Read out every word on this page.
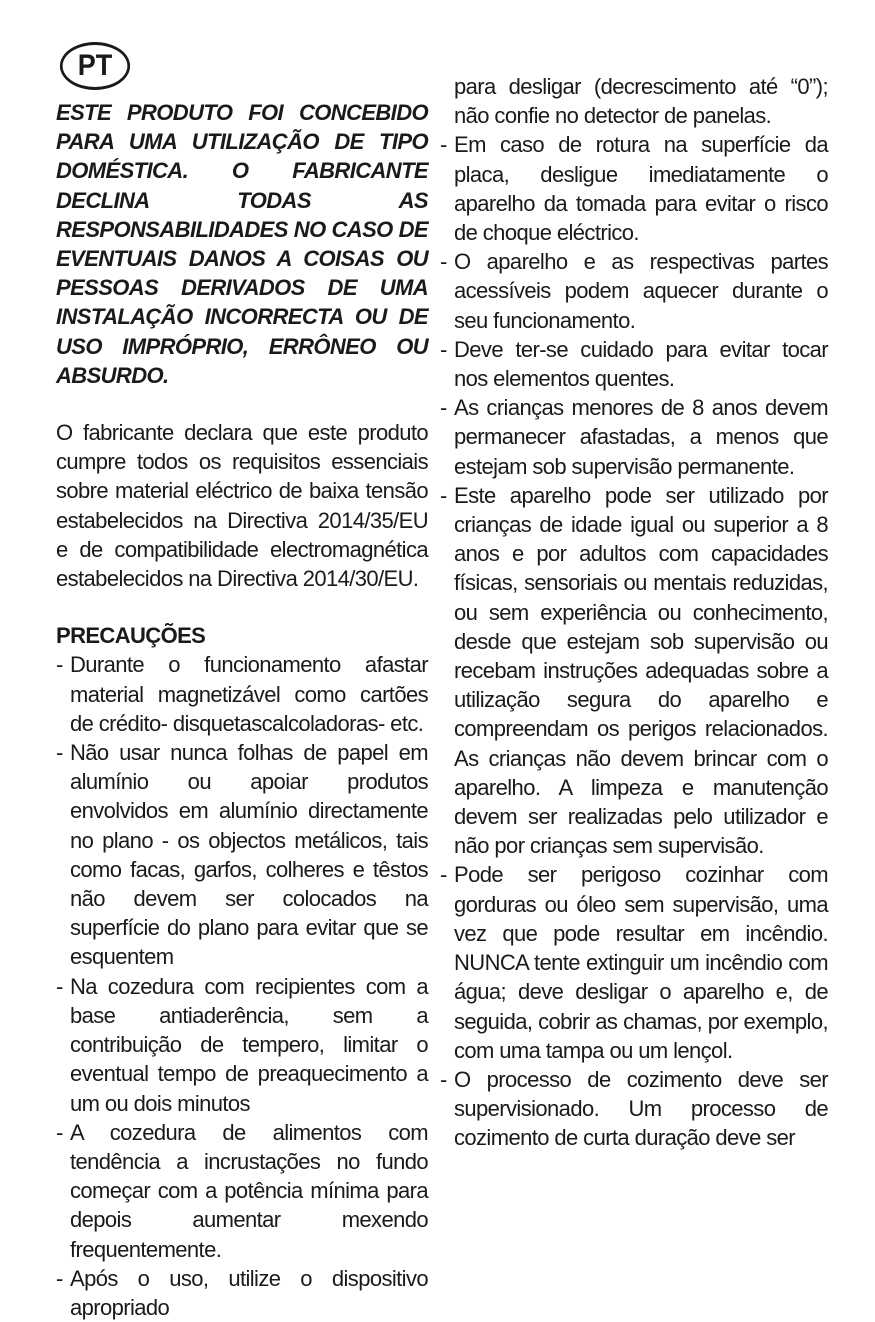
PT

ESTE PRODUTO FOI CONCEBIDO PARA UMA UTILIZAÇÃO DE TIPO DOMÉSTICA. O FABRICANTE DECLINA TODAS AS RESPONSABILIDADES NO CASO DE EVENTUAIS DANOS A COISAS OU PESSOAS DERIVADOS DE UMA INSTALAÇÃO INCORRECTA OU DE USO IMPRÓPRIO, ERRÔNEO OU ABSURDO.

O fabricante declara que este produto cumpre todos os requisitos essenciais sobre material eléctrico de baixa tensão estabelecidos na Directiva 2014/35/EU e de compatibilidade electromagnética estabelecidos na Directiva 2014/30/EU.

PRECAUÇÕES
- Durante o funcionamento afastar material magnetizável como cartões de crédito- disquetascalcoladoras- etc.
- Não usar nunca folhas de papel em alumínio ou apoiar produtos envolvidos em alumínio directamente no plano - os objectos metálicos, tais como facas, garfos, colheres e têstos não devem ser colocados na superfície do plano para evitar que se esquentem
- Na cozedura com recipientes com a base antiaderência, sem a contribuição de tempero, limitar o eventual tempo de preaquecimento a um ou dois minutos
- A cozedura de alimentos com tendência a incrustações no fundo começar com a potência mínima para depois aumentar mexendo frequentemente.
- Após o uso, utilize o dispositivo apropriado
para desligar (decrescimento até “0”); não confie no detector de panelas.
- Em caso de rotura na superfície da placa, desligue imediatamente o aparelho da tomada para evitar o risco de choque eléctrico.
- O aparelho e as respectivas partes acessíveis podem aquecer durante o seu funcionamento.
- Deve ter-se cuidado para evitar tocar nos elementos quentes.
- As crianças menores de 8 anos devem permanecer afastadas, a menos que estejam sob supervisão permanente.
- Este aparelho pode ser utilizado por crianças de idade igual ou superior a 8 anos e por adultos com capacidades físicas, sensoriais ou mentais reduzidas, ou sem experiência ou conhecimento, desde que estejam sob supervisão ou recebam instruções adequadas sobre a utilização segura do aparelho e compreendam os perigos relacionados. As crianças não devem brincar com o aparelho. A limpeza e manutenção devem ser realizadas pelo utilizador e não por crianças sem supervisão.
- Pode ser perigoso cozinhar com gorduras ou óleo sem supervisão, uma vez que pode resultar em incêndio. NUNCA tente extinguir um incêndio com água; deve desligar o aparelho e, de seguida, cobrir as chamas, por exemplo, com uma tampa ou um lençol.
- O processo de cozimento deve ser supervisionado. Um processo de cozimento de curta duração deve ser
